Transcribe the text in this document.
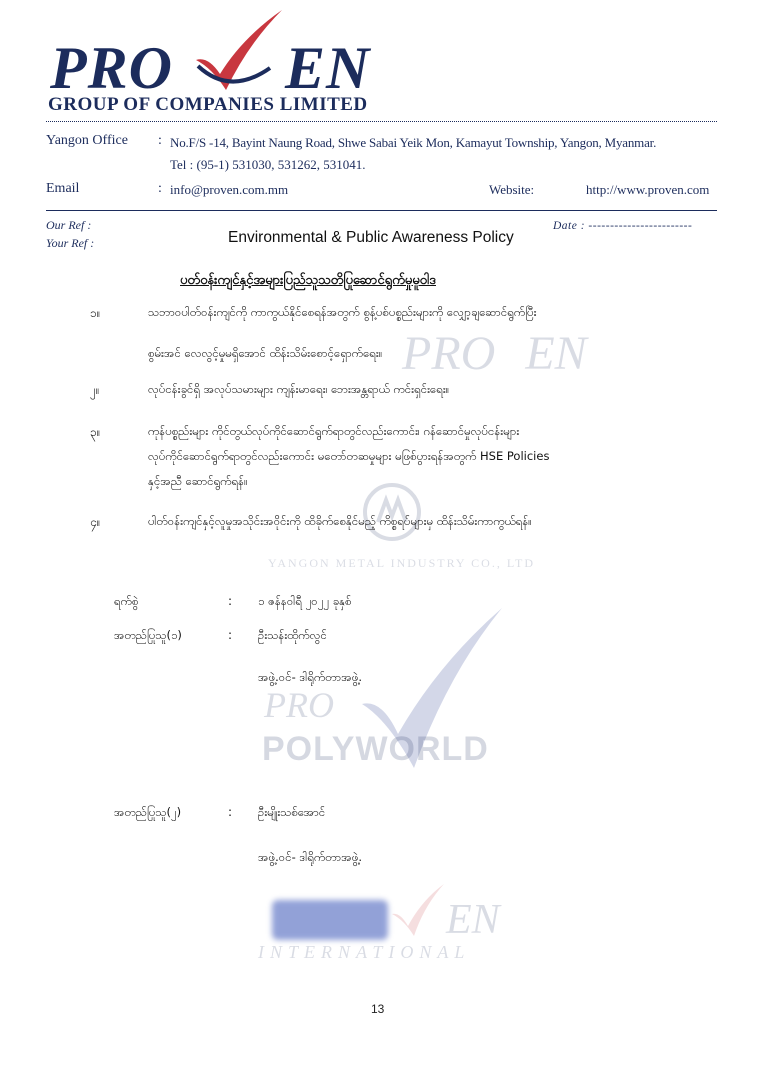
PRO EN
GROUP OF COMPANIES LIMITED
Yangon Office : No.F/S -14, Bayint Naung Road, Shwe Sabai Yeik Mon, Kamayut Township, Yangon, Myanmar.
Tel : (95-1) 531030, 531262, 531041.
Email	: info@proven.com.mm	Website:	http://www.proven.com
Our Ref :
Your Ref :
Date : ------------------------
PRO EN
YANGON METAL INDUSTRY CO., LTD
PRO
POLYWORLD
EN
INTERNATIONAL
Environmental & Public Awareness Policy
ပတ်ဝန်းကျင်နှင့်အများပြည်သူသတိပြုဆောင်ရွက်မှုမူဝါဒ
၁။	သဘာဝပါတ်ဝန်းကျင်ကို ကာကွယ်နိုင်စေရန်အတွက် စွန့်ပစ်ပစ္စည်းများကို လျှော့ချဆောင်ရွက်ပြီး
စွမ်းအင် လေလွင့်မှုမရှိအောင် ထိန်းသိမ်းစောင့်ရှောက်ရေး။
၂။	လုပ်ငန်းခွင်ရှိ အလုပ်သမားများ ကျန်းမာရေး၊ ဘေးအန္တရာယ် ကင်းရှင်းရေး။
၃။	ကုန်ပစ္စည်းများ ကိုင်တွယ်လုပ်ကိုင်ဆောင်ရွက်ရာတွင်လည်းကောင်း၊ ဂန်ဆောင်မှုလုပ်ငန်းများ
လုပ်ကိုင်ဆောင်ရွက်ရာတွင်လည်းကောင်း မတော်တဆမှုများ မဖြစ်ပွားရန်အတွက် HSE Policies
နှင့်အညီ ဆောင်ရွက်ရန်။
၄။	ပါတ်ဝန်းကျင်နှင့်လူမှုအသိုင်းအဝိုင်းကို ထိခိုက်စေနိုင်မည့် ကိစ္စရပ်များမှ ထိန်းသိမ်းကာကွယ်ရန်။
ရက်စွဲ	: ၁ ဇန်နဝါရီ ၂၀၂၂ ခုနှစ်
အတည်ပြုသူ(၁)	: ဦးသန်းထိုက်လွင်
အဖွဲ့.ဝင်- ဒါရိုက်တာအဖွဲ့.
အတည်ပြုသူ(၂)	: ဦးမျိုးသစ်အောင်
အဖွဲ့.ဝင်- ဒါရိုက်တာအဖွဲ့.
13
